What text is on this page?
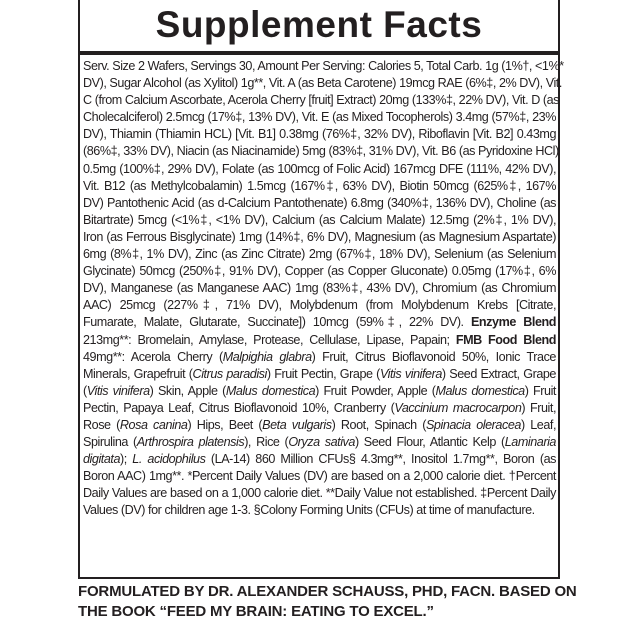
Supplement Facts
Serv. Size 2 Wafers, Servings 30, Amount Per Serving: Calories 5, Total Carb. 1g (1%†, <1%*
DV), Sugar Alcohol (as Xylitol) 1g**, Vit. A (as Beta Carotene) 19mcg RAE (6%‡, 2% DV), Vit.
C (from Calcium Ascorbate, Acerola Cherry [fruit] Extract) 20mg (133%‡, 22% DV), Vit. D (as
Cholecalciferol) 2.5mcg (17%‡, 13% DV), Vit. E (as Mixed Tocopherols) 3.4mg (57%‡, 23%
DV), Thiamin (Thiamin HCL) [Vit. B1] 0.38mg (76%‡, 32% DV), Riboflavin [Vit. B2] 0.43mg
(86%‡, 33% DV), Niacin (as Niacinamide) 5mg (83%‡, 31% DV), Vit. B6 (as Pyridoxine HCl)
0.5mg (100%‡, 29% DV), Folate (as 100mcg of Folic Acid) 167mcg DFE (111%, 42% DV),
Vit. B12 (as Methylcobalamin) 1.5mcg (167%‡, 63% DV), Biotin 50mcg (625%‡, 167%
DV) Pantothenic Acid (as d-Calcium Pantothenate) 6.8mg (340%‡, 136% DV), Choline (as
Bitartrate) 5mcg (<1%‡, <1% DV), Calcium (as Calcium Malate) 12.5mg (2%‡, 1% DV),
Iron (as Ferrous Bisglycinate) 1mg (14%‡, 6% DV), Magnesium (as Magnesium Aspartate)
6mg (8%‡, 1% DV), Zinc (as Zinc Citrate) 2mg (67%‡, 18% DV), Selenium (as Selenium
Glycinate) 50mcg (250%‡, 91% DV), Copper (as Copper Gluconate) 0.05mg (17%‡, 6%
DV), Manganese (as Manganese AAC) 1mg (83%‡, 43% DV), Chromium (as Chromium
AAC) 25mcg (227%‡, 71% DV), Molybdenum (from Molybdenum Krebs [Citrate,
Fumarate, Malate, Glutarate, Succinate]) 10mcg (59%‡, 22% DV). Enzyme Blend
213mg**: Bromelain, Amylase, Protease, Cellulase, Lipase, Papain; FMB Food Blend
49mg**: Acerola Cherry (Malpighia glabra) Fruit, Citrus Bioflavonoid 50%, Ionic Trace
Minerals, Grapefruit (Citrus paradisi) Fruit Pectin, Grape (Vitis vinifera) Seed Extract, Grape
(Vitis vinifera) Skin, Apple (Malus domestica) Fruit Powder, Apple (Malus domestica) Fruit
Pectin, Papaya Leaf, Citrus Bioflavonoid 10%, Cranberry (Vaccinium macrocarpon) Fruit,
Rose (Rosa canina) Hips, Beet (Beta vulgaris) Root, Spinach (Spinacia oleracea) Leaf,
Spirulina (Arthrospira platensis), Rice (Oryza sativa) Seed Flour, Atlantic Kelp (Laminaria
digitata); L. acidophilus (LA-14) 860 Million CFUs§ 4.3mg**, Inositol 1.7mg**, Boron (as
Boron AAC) 1mg**. *Percent Daily Values (DV) are based on a 2,000 calorie diet. †Percent
Daily Values are based on a 1,000 calorie diet. **Daily Value not established. ‡Percent Daily
Values (DV) for children age 1-3. §Colony Forming Units (CFUs) at time of manufacture.
FORMULATED BY DR. ALEXANDER SCHAUSS, PHD, FACN. BASED ON
THE BOOK “FEED MY BRAIN: EATING TO EXCEL.”
